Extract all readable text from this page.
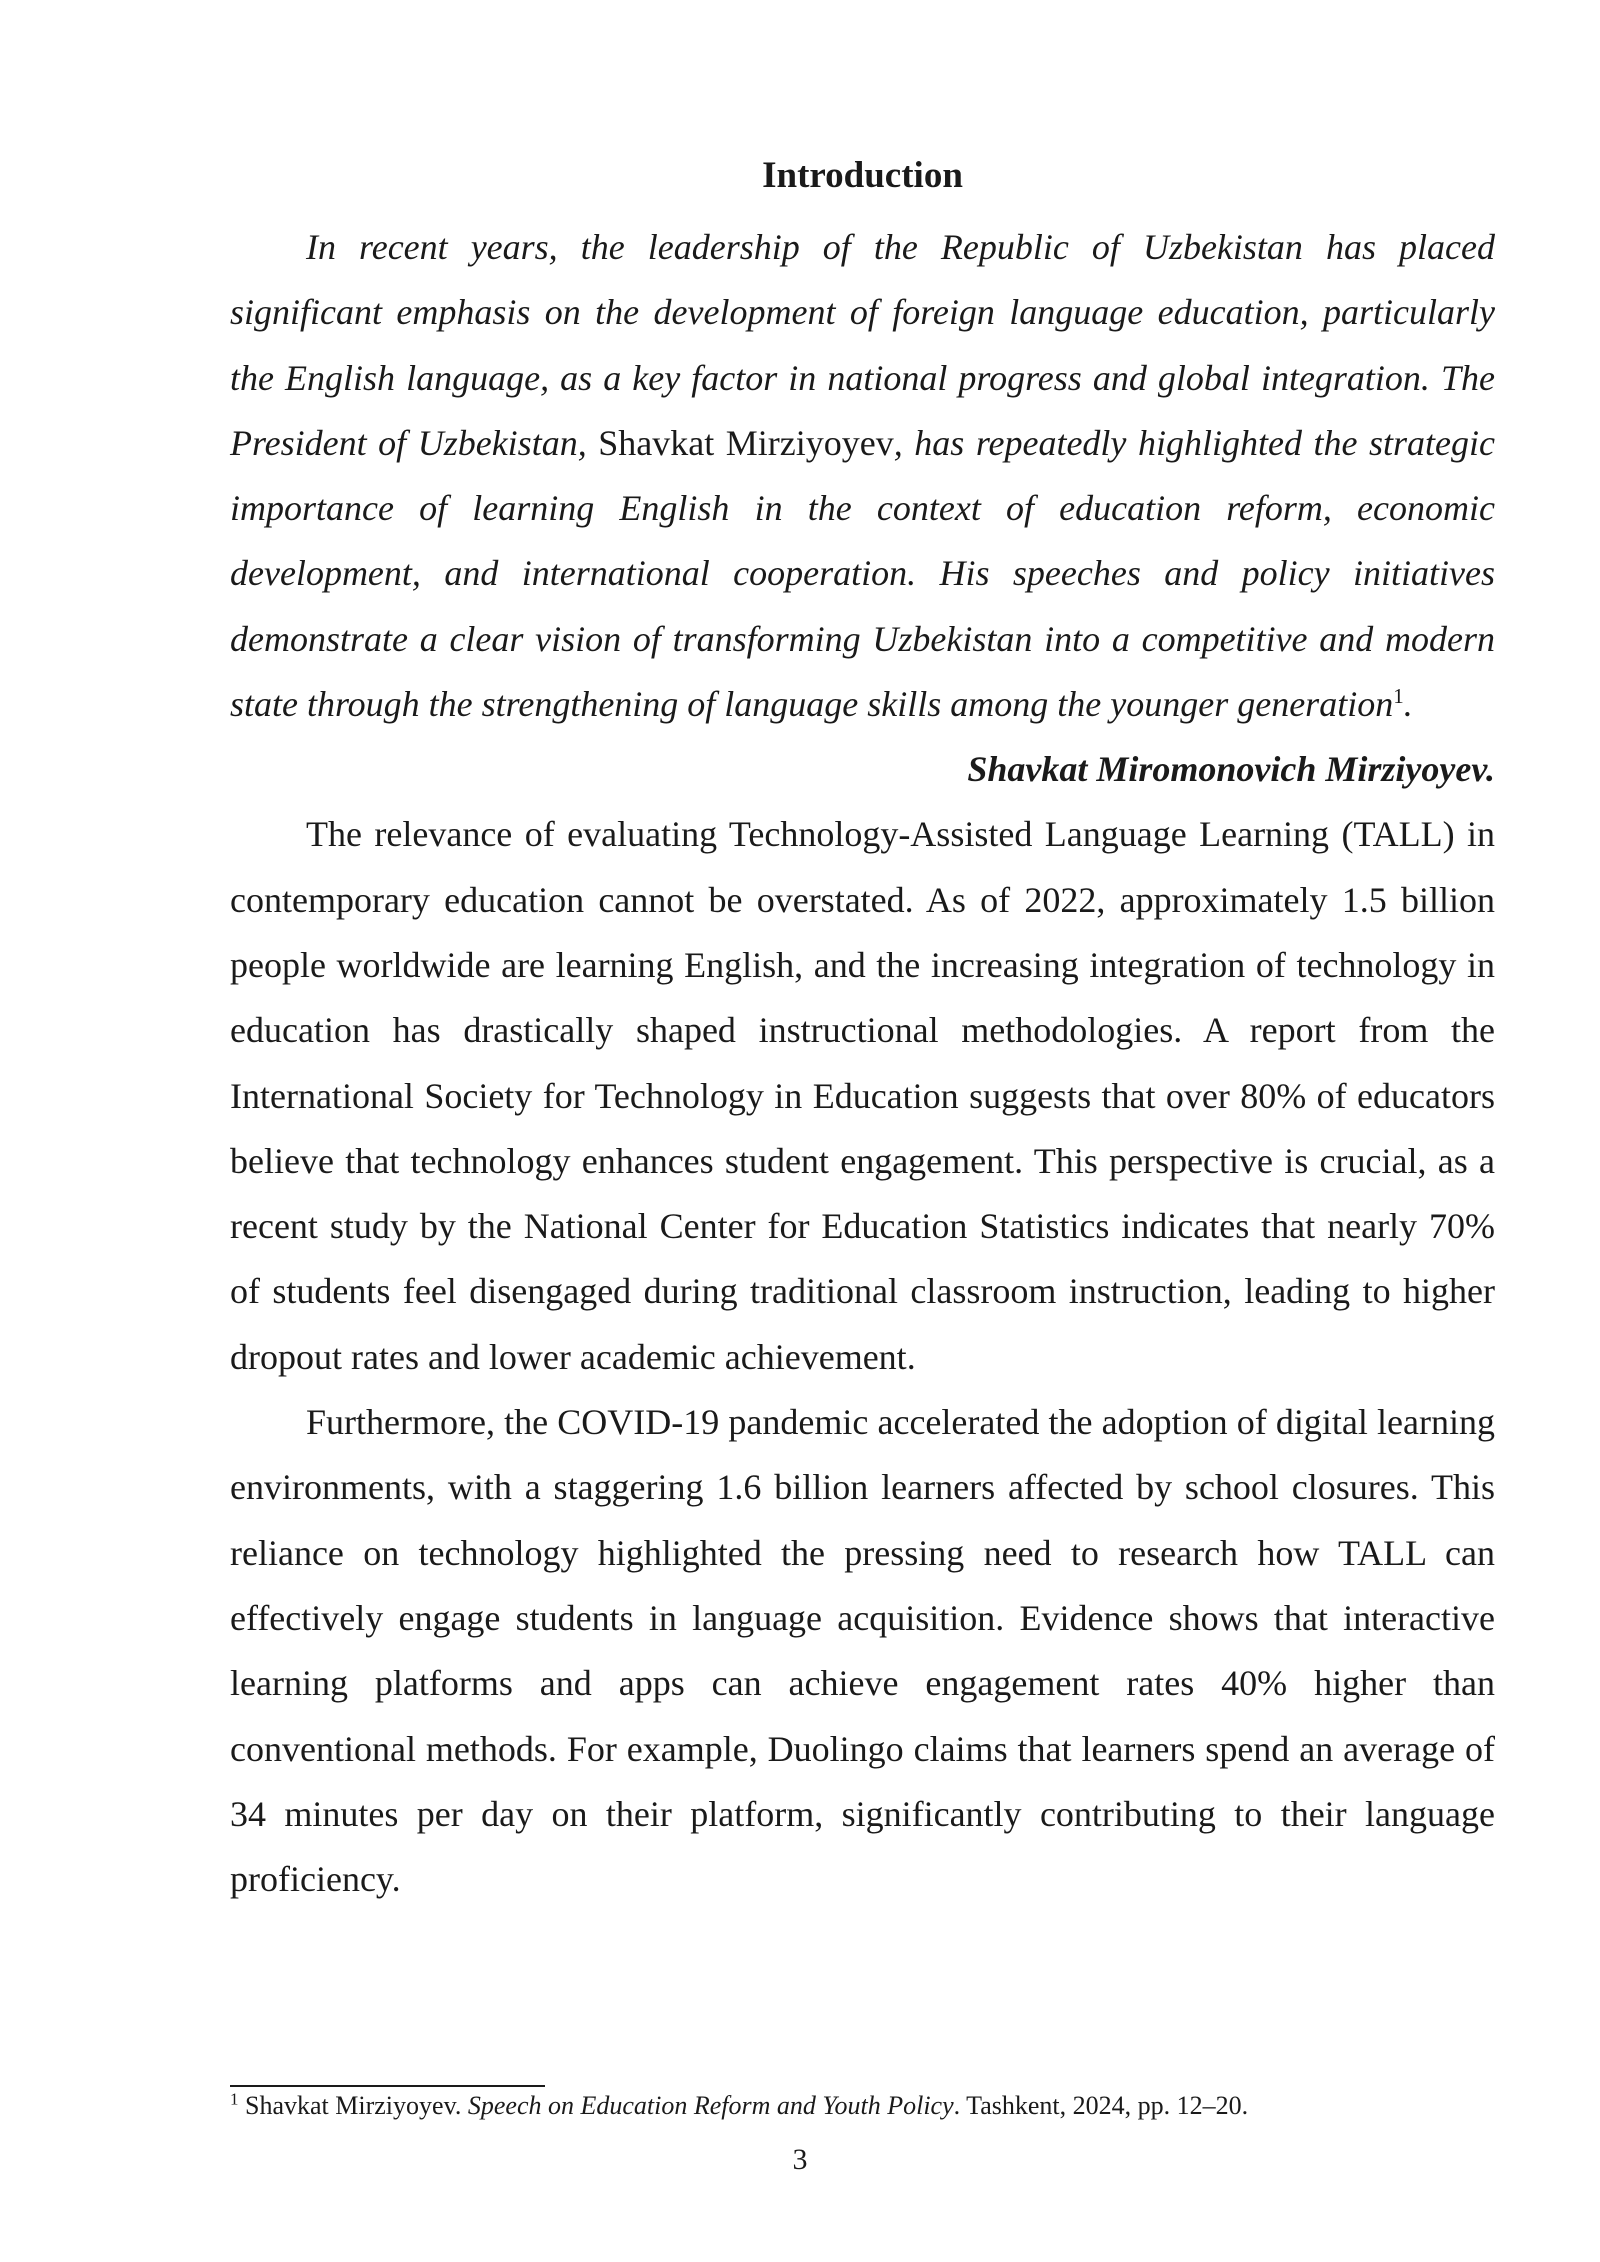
Introduction

In recent years, the leadership of the Republic of Uzbekistan has placed significant emphasis on the development of foreign language education, particularly the English language, as a key factor in national progress and global integration. The President of Uzbekistan, Shavkat Mirziyoyev, has repeatedly highlighted the strategic importance of learning English in the context of education reform, economic development, and international cooperation. His speeches and policy initiatives demonstrate a clear vision of transforming Uzbekistan into a competitive and modern state through the strengthening of language skills among the younger generation$^1$.

Shavkat Miromonovich Mirziyoyev.

The relevance of evaluating Technology-Assisted Language Learning (TALL) in contemporary education cannot be overstated. As of 2022, approximately 1.5 billion people worldwide are learning English, and the increasing integration of technology in education has drastically shaped instructional methodologies. A report from the International Society for Technology in Education suggests that over 80% of educators believe that technology enhances student engagement. This perspective is crucial, as a recent study by the National Center for Education Statistics indicates that nearly 70% of students feel disengaged during traditional classroom instruction, leading to higher dropout rates and lower academic achievement.

Furthermore, the COVID-19 pandemic accelerated the adoption of digital learning environments, with a staggering 1.6 billion learners affected by school closures. This reliance on technology highlighted the pressing need to research how TALL can effectively engage students in language acquisition. Evidence shows that interactive learning platforms and apps can achieve engagement rates 40% higher than conventional methods. For example, Duolingo claims that learners spend an average of 34 minutes per day on their platform, significantly contributing to their language proficiency.

$^1$ Shavkat Mirziyoyev. Speech on Education Reform and Youth Policy. Tashkent, 2024, pp. 12–20.
3
